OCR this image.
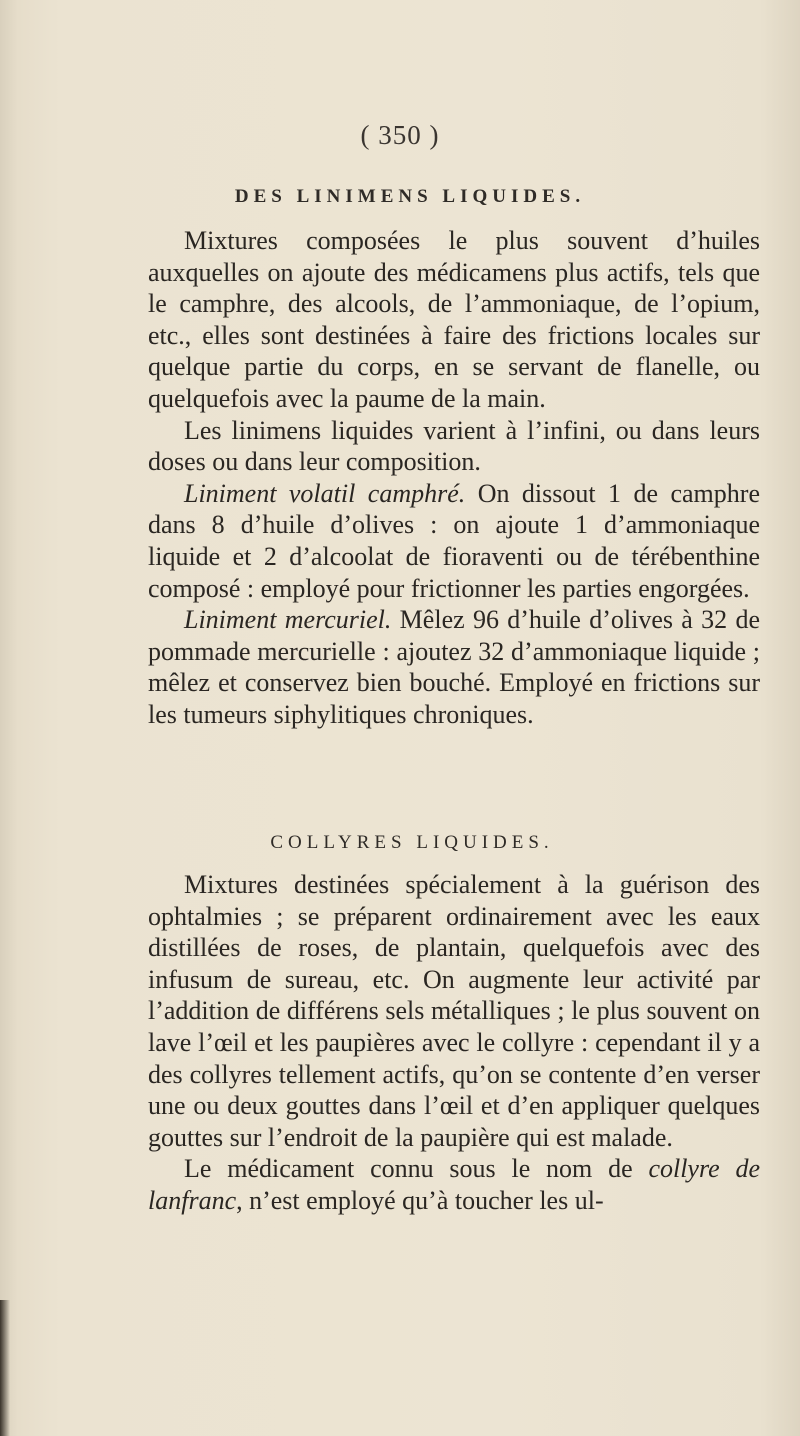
( 350 )
DES LINIMENS LIQUIDES.

Mixtures composées le plus souvent d’huiles auxquelles on ajoute des médicamens plus actifs, tels que le camphre, des alcools, de l’ammoniaque, de l’opium, etc., elles sont destinées à faire des frictions locales sur quelque partie du corps, en se servant de flanelle, ou quelquefois avec la paume de la main.

Les linimens liquides varient à l’infini, ou dans leurs doses ou dans leur composition.

Liniment volatil camphré. On dissout 1 de camphre dans 8 d’huile d’olives : on ajoute 1 d’ammoniaque liquide et 2 d’alcoolat de fioraventi ou de térébenthine composé : employé pour frictionner les parties engorgées.

Liniment mercuriel. Mêlez 96 d’huile d’olives à 32 de pommade mercurielle : ajoutez 32 d’ammoniaque liquide ; mêlez et conservez bien bouché. Employé en frictions sur les tumeurs siphylitiques chroniques.

COLLYRES LIQUIDES.

Mixtures destinées spécialement à la guérison des ophtalmies ; se préparent ordinairement avec les eaux distillées de roses, de plantain, quelquefois avec des infusum de sureau, etc. On augmente leur activité par l’addition de différens sels métalliques ; le plus souvent on lave l’œil et les paupières avec le collyre : cependant il y a des collyres tellement actifs, qu’on se contente d’en verser une ou deux gouttes dans l’œil et d’en appliquer quelques gouttes sur l’endroit de la paupière qui est malade.

Le médicament connu sous le nom de collyre de lanfranc, n’est employé qu’à toucher les ul-
